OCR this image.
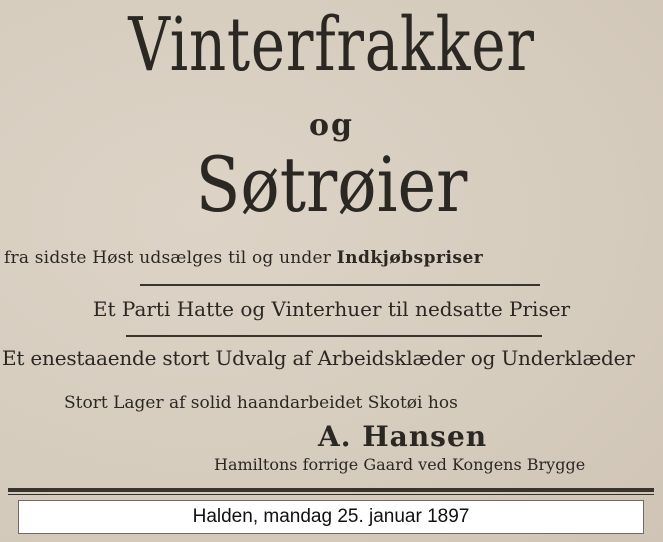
Vinterfrakker
og
Søtrøier
fra sidste Høst udsælges til og under Indkjøbspriser
Et Parti Hatte og Vinterhuer til nedsatte Priser
Et enestaaende stort Udvalg af Arbeidsklæder og Underklæder
Stort Lager af solid haandarbeidet Skotøi hos
A. Hansen
Hamiltons forrige Gaard ved Kongens Brygge
Halden, mandag 25. januar 1897
